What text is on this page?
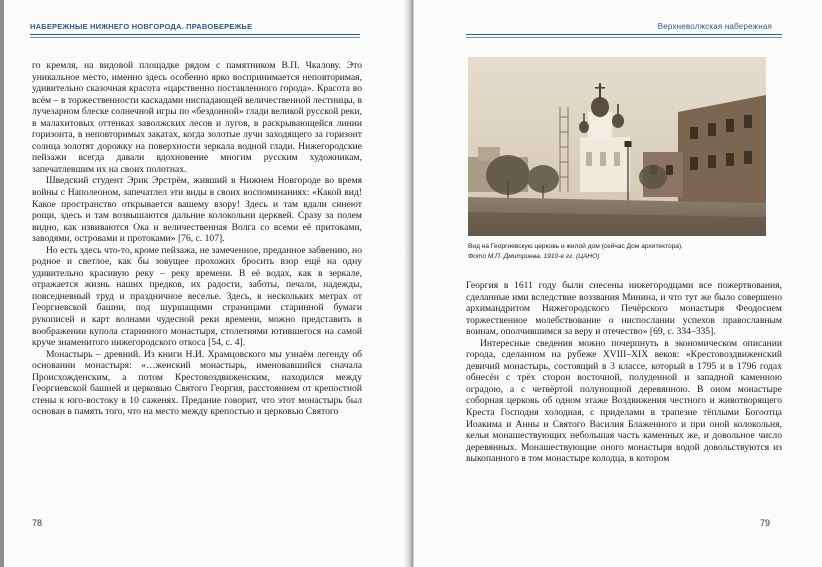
НАБЕРЕЖНЫЕ НИЖНЕГО НОВГОРОДА. ПРАВОБЕРЕЖЬЕ

го кремля, на видовой площадке рядом с памятником В.П. Чкалову. Это уникальное место, именно здесь особенно ярко воспринимается неповторимая, удивительно сказочная красота «царственно поставленного города». Красота во всём – в торжественности каскадами ниспадающей величественной лестницы, в лучезарном блеске солнечной игры по «бездонной» глади великой русской реки, в малахитовых оттенках заволжских лесов и лугов, в раскрывающейся линии горизонта, в неповторимых закатах, когда золотые лучи заходящего за горизонт солнца золотят дорожку на поверхности зеркала водной глади. Нижегородские пейзажи всегда давали вдохновение многим русским художникам, запечатлевшим их на своих полотнах.

Шведский студент Эрик Эрстрём, живший в Нижнем Новгороде во время войны с Наполеоном, запечатлел эти виды в своих воспоминаниях: «Какой вид! Какое пространство открывается вашему взору! Здесь и там вдали синеют рощи, здесь и там возвышаются дальние колокольни церквей. Сразу за полем видно, как извиваются Ока и величественная Волга со всеми её притоками, заводями, островами и протоками» [76, с. 107].

Но есть здесь что-то, кроме пейзажа, не замеченное, преданное забвению, но родное и светлое, как бы зовущее прохожих бросить взор ещё на одну удивительно красивую реку – реку времени. В её водах, как в зеркале, отражается жизнь наших предков, их радости, заботы, печали, надежды, повседневный труд и праздничное веселье. Здесь, в нескольких метрах от Георгиевской башни, под шуршащими страницами старинной бумаги рукописей и карт волнами чудесной реки времени, можно представить в воображении купола старинного монастыря, столетиями ютившегося на самой круче знаменитого нижегородского откоса [54, с. 4].

Монастырь – древний. Из книги Н.И. Храмцовского мы узнаём легенду об основании монастыря: «…женский монастырь, именовавшийся сначала Происхожденским, а потом Крестовоздвиженским, находился между Георгиевской башней и церковью Святого Георгия, расстоянием от крепостной стены к юго-востоку в 10 саженях. Предание говорит, что этот монастырь был основан в память того, что на место между крепостью и церковью Святого

78
Верхневолжская набережная
Вид на Георгиевскую церковь и жилой дом (сейчас Дом архитектора).
Фото М.П. Дмитриева, 1910-е гг. (ЦАНО)

Георгия в 1611 году были снесены нижегородцами все пожертвования, сделанные ими вследствие воззвания Минина, и что тут же было совершено архимандритом Нижегородского Печёрского монастыря Феодосием торжественное молебствование о ниспослании успехов православным воинам, ополчившимся за веру и отечество» [69, с. 334–335].

Интересные сведения можно почерпнуть в экономическом описании города, сделанном на рубеже XVIII–XIX веков: «Крестовоздвиженский девичий монастырь, состоящий в 3 классе, который в 1795 и в 1796 годах обнесён с трёх сторон восточной, полуденной и западной каменною оградою, а с четвёртой полунощной деревянною. В оном монастыре соборная церковь об одном этаже Воздвижения честного и животворящего Креста Господня холодная, с приделами в трапезне тёплыми Богоотца Иоакима и Анны и Святого Василия Блаженного и при оной колокольня, кельи монашествующих небольшая часть каменных же, и довольное число деревянных. Монашествующие оного монастыря водой довольствуются из выкопанного в том монастыре колодца, в котором

79
